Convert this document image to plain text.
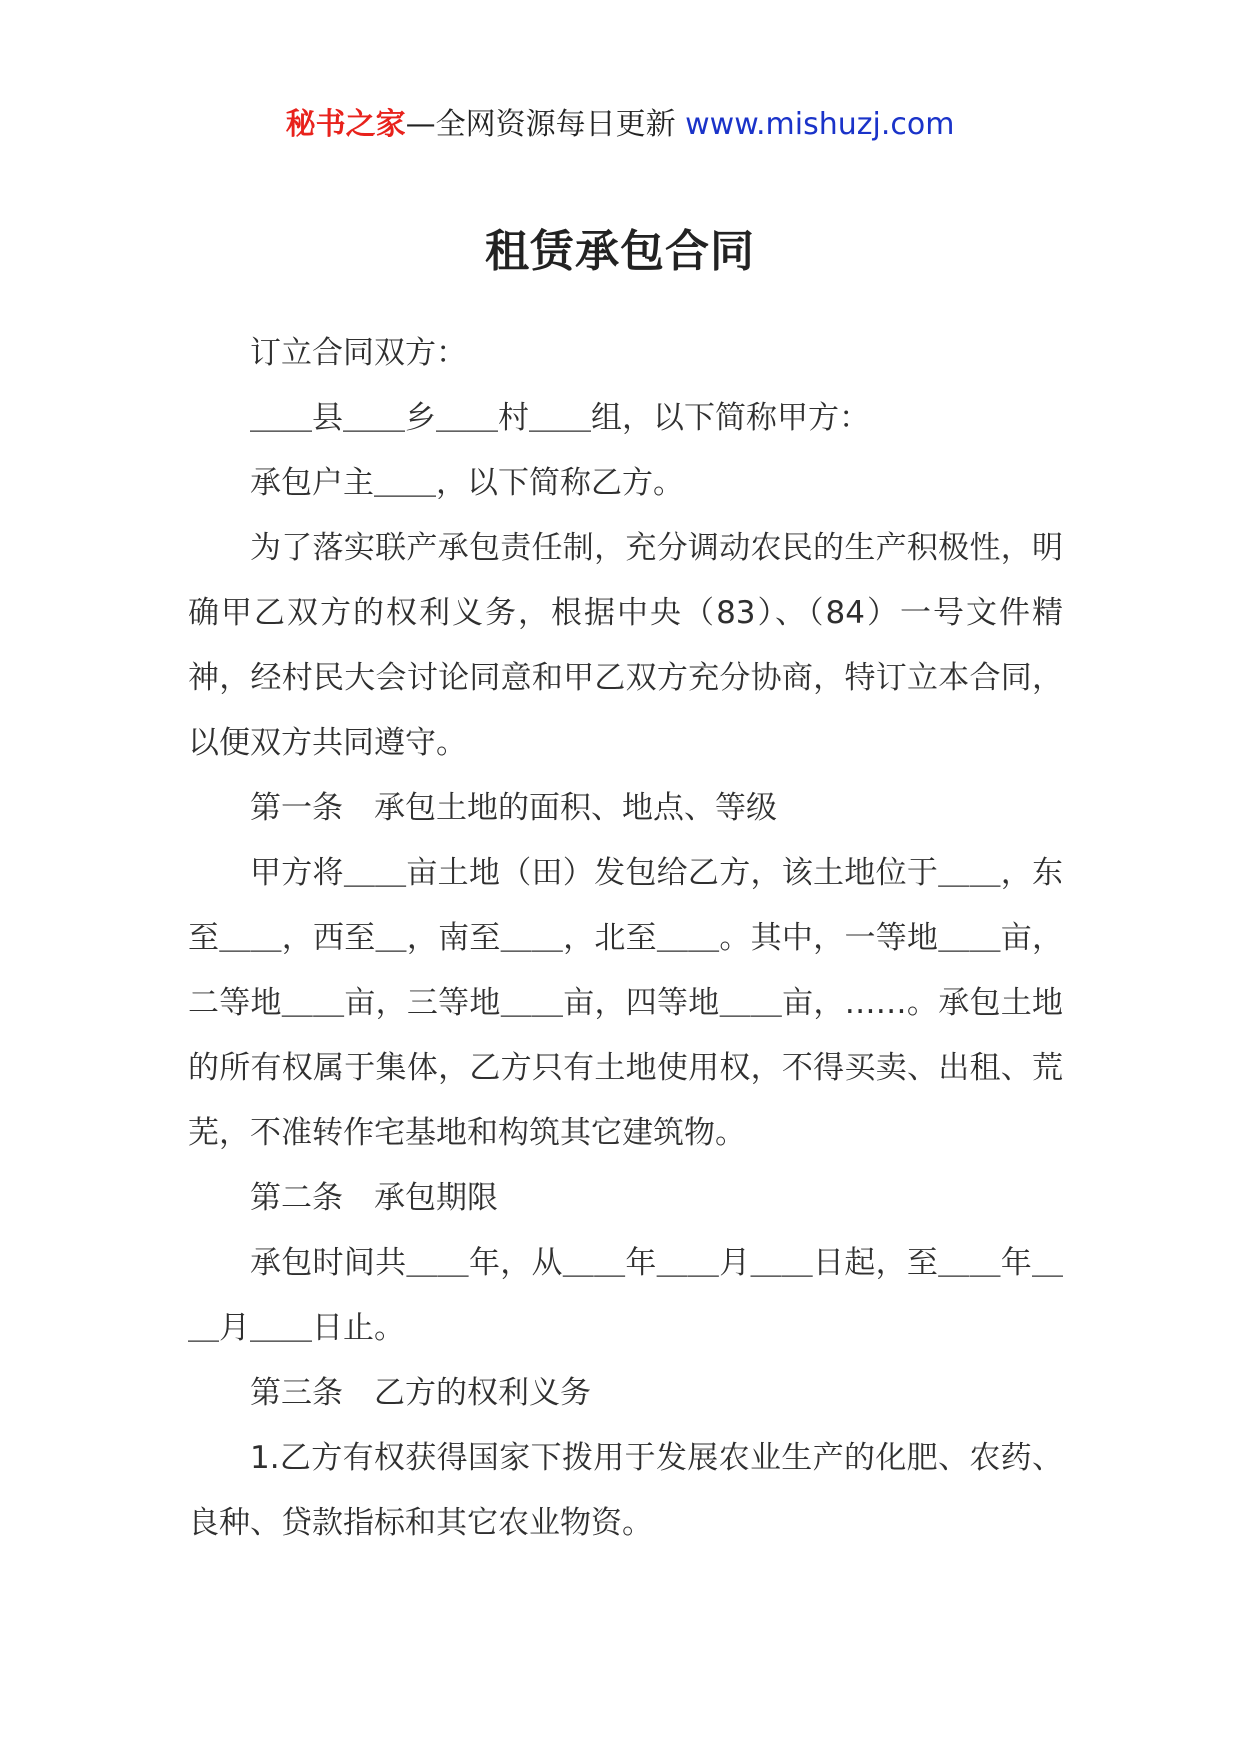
秘书之家—全网资源每日更新 www.mishuzj.com
租赁承包合同

订立合同双方：

＿＿县＿＿乡＿＿村＿＿组，以下简称甲方：

承包户主＿＿，以下简称乙方。

为了落实联产承包责任制，充分调动农民的生产积极性，明确甲乙双方的权利义务，根据中央（83）、（84）一号文件精神，经村民大会讨论同意和甲乙双方充分协商，特订立本合同，以便双方共同遵守。

第一条　承包土地的面积、地点、等级

甲方将＿＿亩土地（田）发包给乙方，该土地位于＿＿，东至＿＿，西至＿，南至＿＿，北至＿＿。其中，一等地＿＿亩，二等地＿＿亩，三等地＿＿亩，四等地＿＿亩，……。承包土地的所有权属于集体，乙方只有土地使用权，不得买卖、出租、荒芜，不准转作宅基地和构筑其它建筑物。

第二条　承包期限

承包时间共＿＿年，从＿＿年＿＿月＿＿日起，至＿＿年＿＿月＿＿日止。

第三条　乙方的权利义务

1.乙方有权获得国家下拨用于发展农业生产的化肥、农药、良种、贷款指标和其它农业物资。
